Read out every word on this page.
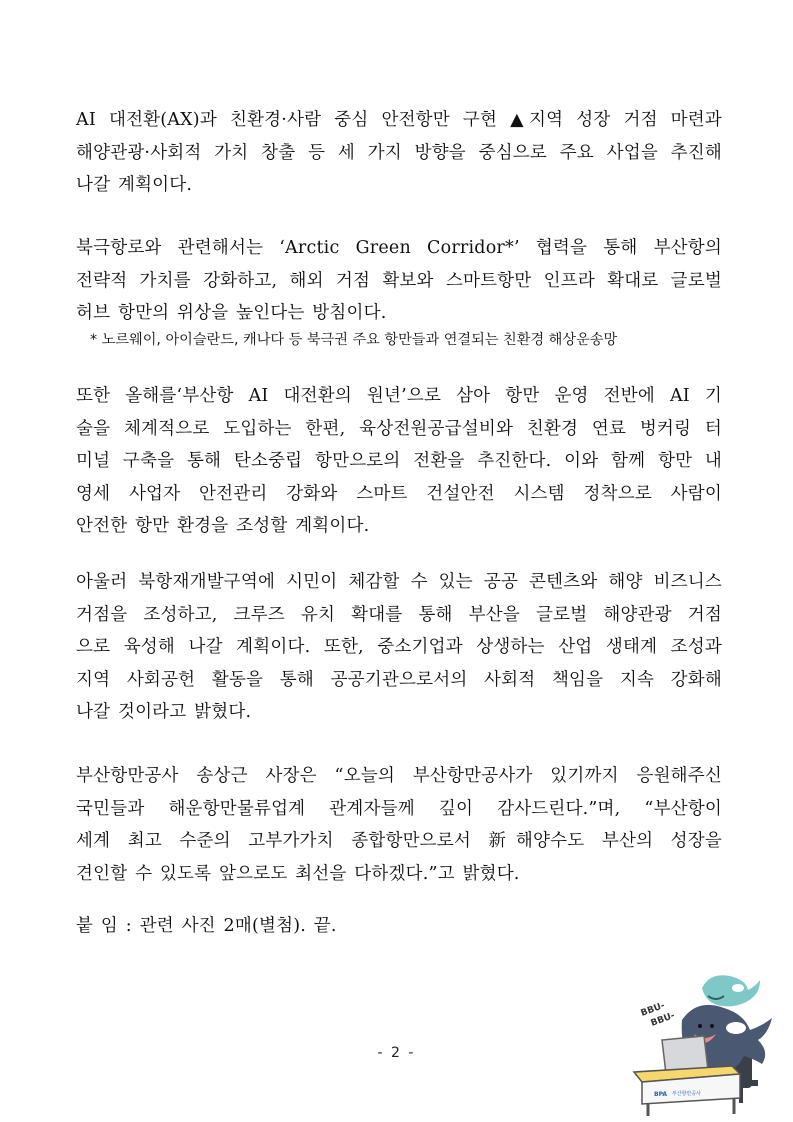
AI 대전환(AX)과 친환경·사람 중심 안전항만 구현 ▲지역 성장 거점 마련과
해양관광·사회적 가치 창출 등 세 가지 방향을 중심으로 주요 사업을 추진해
나갈 계획이다.
북극항로와 관련해서는 ‘Arctic Green Corridor*’ 협력을 통해 부산항의
전략적 가치를 강화하고, 해외 거점 확보와 스마트항만 인프라 확대로 글로벌
허브 항만의 위상을 높인다는 방침이다.
* 노르웨이, 아이슬란드, 캐나다 등 북극권 주요 항만들과 연결되는 친환경 해상운송망
또한 올해를‘부산항 AI 대전환의 원년’으로 삼아 항만 운영 전반에 AI 기
술을 체계적으로 도입하는 한편, 육상전원공급설비와 친환경 연료 벙커링 터
미널 구축을 통해 탄소중립 항만으로의 전환을 추진한다. 이와 함께 항만 내
영세 사업자 안전관리 강화와 스마트 건설안전 시스템 정착으로 사람이
안전한 항만 환경을 조성할 계획이다.
아울러 북항재개발구역에 시민이 체감할 수 있는 공공 콘텐츠와 해양 비즈니스
거점을 조성하고, 크루즈 유치 확대를 통해 부산을 글로벌 해양관광 거점
으로 육성해 나갈 계획이다. 또한, 중소기업과 상생하는 산업 생태계 조성과
지역 사회공헌 활동을 통해 공공기관으로서의 사회적 책임을 지속 강화해
나갈 것이라고 밝혔다.
부산항만공사 송상근 사장은 “오늘의 부산항만공사가 있기까지 응원해주신
국민들과 해운항만물류업계 관계자들께 깊이 감사드린다.”며, “부산항이
세계 최고 수준의 고부가가치 종합항만으로서 新해양수도 부산의 성장을
견인할 수 있도록 앞으로도 최선을 다하겠다.”고 밝혔다.
붙 임 : 관련 사진 2매(별첨). 끝.
- 2 -
BBU-
BBU-
BPA 부산항만공사
